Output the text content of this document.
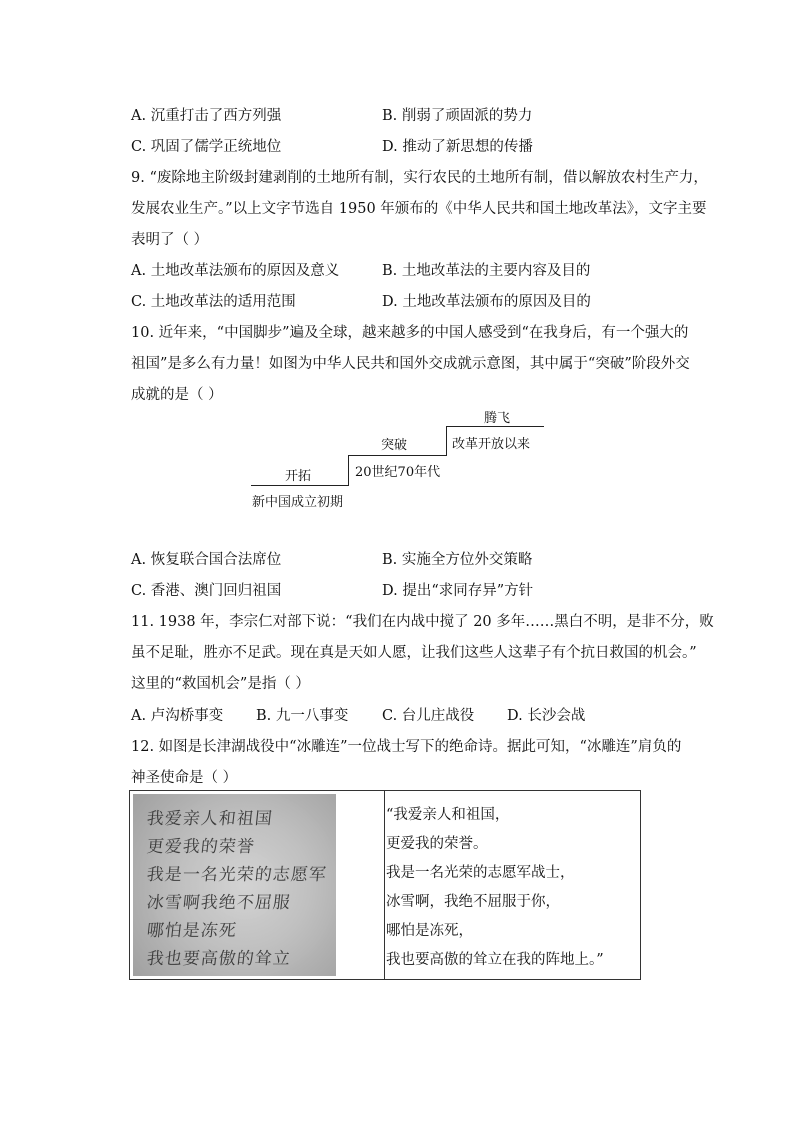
A. 沉重打击了西方列强	B. 削弱了顽固派的势力
C. 巩固了儒学正统地位	D. 推动了新思想的传播
9. “废除地主阶级封建剥削的土地所有制，实行农民的土地所有制，借以解放农村生产力，
发展农业生产。”以上文字节选自 1950 年颁布的《中华人民共和国土地改革法》，文字主要
表明了（ ）
A. 土地改革法颁布的原因及意义	B. 土地改革法的主要内容及目的
C. 土地改革法的适用范围	D. 土地改革法颁布的原因及目的
10. 近年来，“中国脚步”遍及全球，越来越多的中国人感受到“在我身后，有一个强大的
祖国”是多么有力量！如图为中华人民共和国外交成就示意图，其中属于“突破”阶段外交
成就的是（ ）
开拓
新中国成立初期
突破
20世纪70年代
腾飞
改革开放以来
A. 恢复联合国合法席位	B. 实施全方位外交策略
C. 香港、澳门回归祖国	D. 提出“求同存异”方针
11. 1938 年，李宗仁对部下说：“我们在内战中搅了 20 多年……黑白不明，是非不分，败
虽不足耻，胜亦不足武。现在真是天如人愿，让我们这些人这辈子有个抗日救国的机会。”
这里的“救国机会”是指（ ）
A. 卢沟桥事变 B. 九一八事变 C. 台儿庄战役 D. 长沙会战
12. 如图是长津湖战役中“冰雕连”一位战士写下的绝命诗。据此可知，“冰雕连”肩负的
神圣使命是（ ）
我爱亲人和祖国
更爱我的荣誉
我是一名光荣的志愿军
冰雪啊我绝不屈服
哪怕是冻死
我也要高傲的耸立
“我爱亲人和祖国，
更爱我的荣誉。
我是一名光荣的志愿军战士，
冰雪啊，我绝不屈服于你，
哪怕是冻死，
我也要高傲的耸立在我的阵地上。”
